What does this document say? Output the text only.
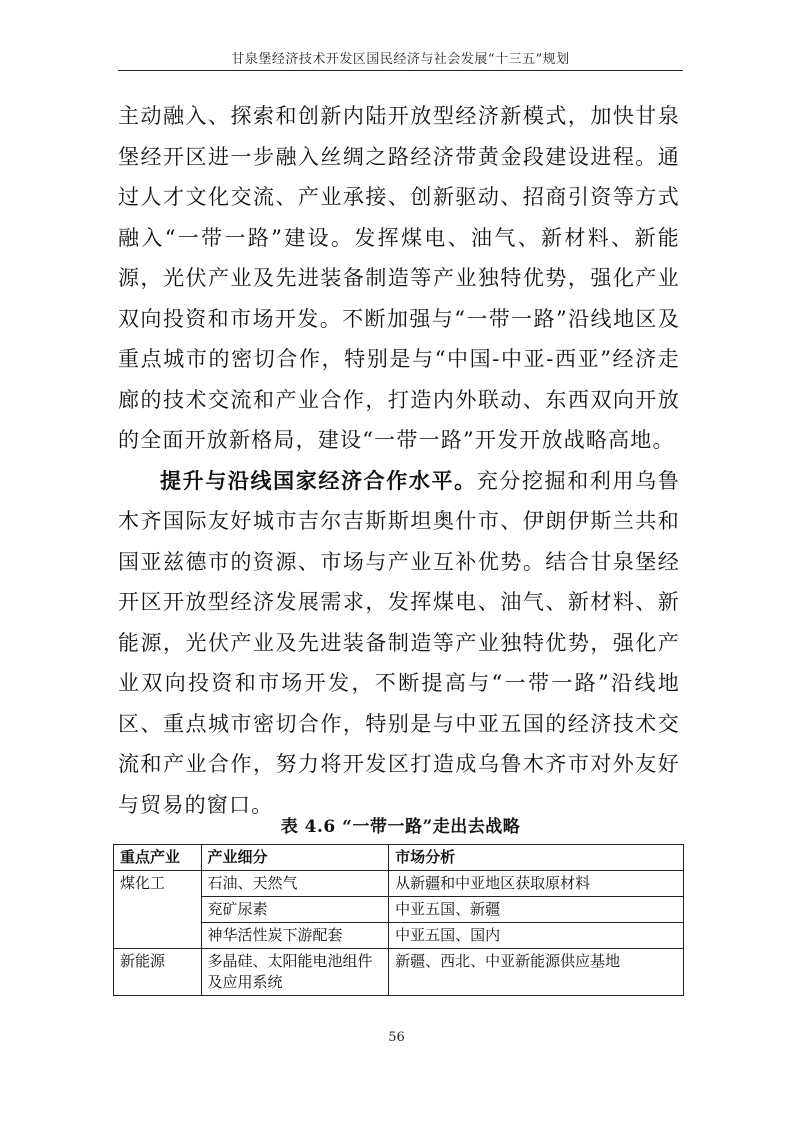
甘泉堡经济技术开发区国民经济与社会发展“十三五”规划

主动融入、探索和创新内陆开放型经济新模式，加快甘泉堡经开区进一步融入丝绸之路经济带黄金段建设进程。通过人才文化交流、产业承接、创新驱动、招商引资等方式融入“一带一路”建设。发挥煤电、油气、新材料、新能源，光伏产业及先进装备制造等产业独特优势，强化产业双向投资和市场开发。不断加强与“一带一路”沿线地区及重点城市的密切合作，特别是与“中国-中亚-西亚”经济走廊的技术交流和产业合作，打造内外联动、东西双向开放的全面开放新格局，建设“一带一路”开发开放战略高地。

提升与沿线国家经济合作水平。充分挖掘和利用乌鲁木齐国际友好城市吉尔吉斯斯坦奥什市、伊朗伊斯兰共和国亚兹德市的资源、市场与产业互补优势。结合甘泉堡经开区开放型经济发展需求，发挥煤电、油气、新材料、新能源，光伏产业及先进装备制造等产业独特优势，强化产业双向投资和市场开发，不断提高与“一带一路”沿线地区、重点城市密切合作，特别是与中亚五国的经济技术交流和产业合作，努力将开发区打造成乌鲁木齐市对外友好与贸易的窗口。

表 4.6 “一带一路”走出去战略
重点产业	产业细分	市场分析
煤化工	石油、天然气	从新疆和中亚地区获取原材料
	兖矿尿素	中亚五国、新疆
	神华活性炭下游配套	中亚五国、国内
新能源	多晶硅、太阳能电池组件及应用系统	新疆、西北、中亚新能源供应基地
56
